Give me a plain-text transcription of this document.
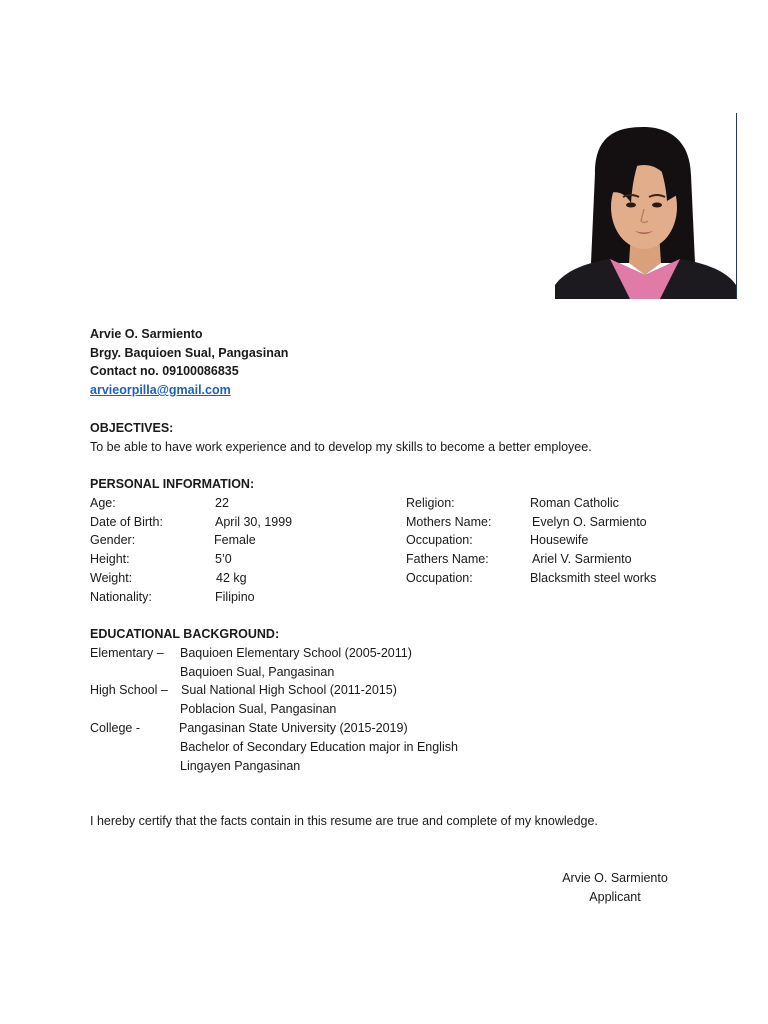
Arvie O. Sarmiento
Brgy. Baquioen Sual, Pangasinan
Contact no. 09100086835
arvieorpilla@gmail.com
OBJECTIVES:
To be able to have work experience and to develop my skills to become a better employee.
PERSONAL INFORMATION:
Age:	22	Religion:	Roman Catholic
Date of Birth:	April 30, 1999	Mothers Name:	Evelyn O. Sarmiento
Gender:	Female	Occupation:	Housewife
Height:	5’0	Fathers Name:	Ariel V. Sarmiento
Weight:	42 kg	Occupation:	Blacksmith steel works
Nationality:	Filipino
EDUCATIONAL BACKGROUND:
Elementary – Baquioen Elementary School (2005-2011)
Baquioen Sual, Pangasinan
High School – Sual National High School (2011-2015)
Poblacion Sual, Pangasinan
College -	Pangasinan State University (2015-2019)
Bachelor of Secondary Education major in English
Lingayen Pangasinan
I hereby certify that the facts contain in this resume are true and complete of my knowledge.
Arvie O. Sarmiento
Applicant
